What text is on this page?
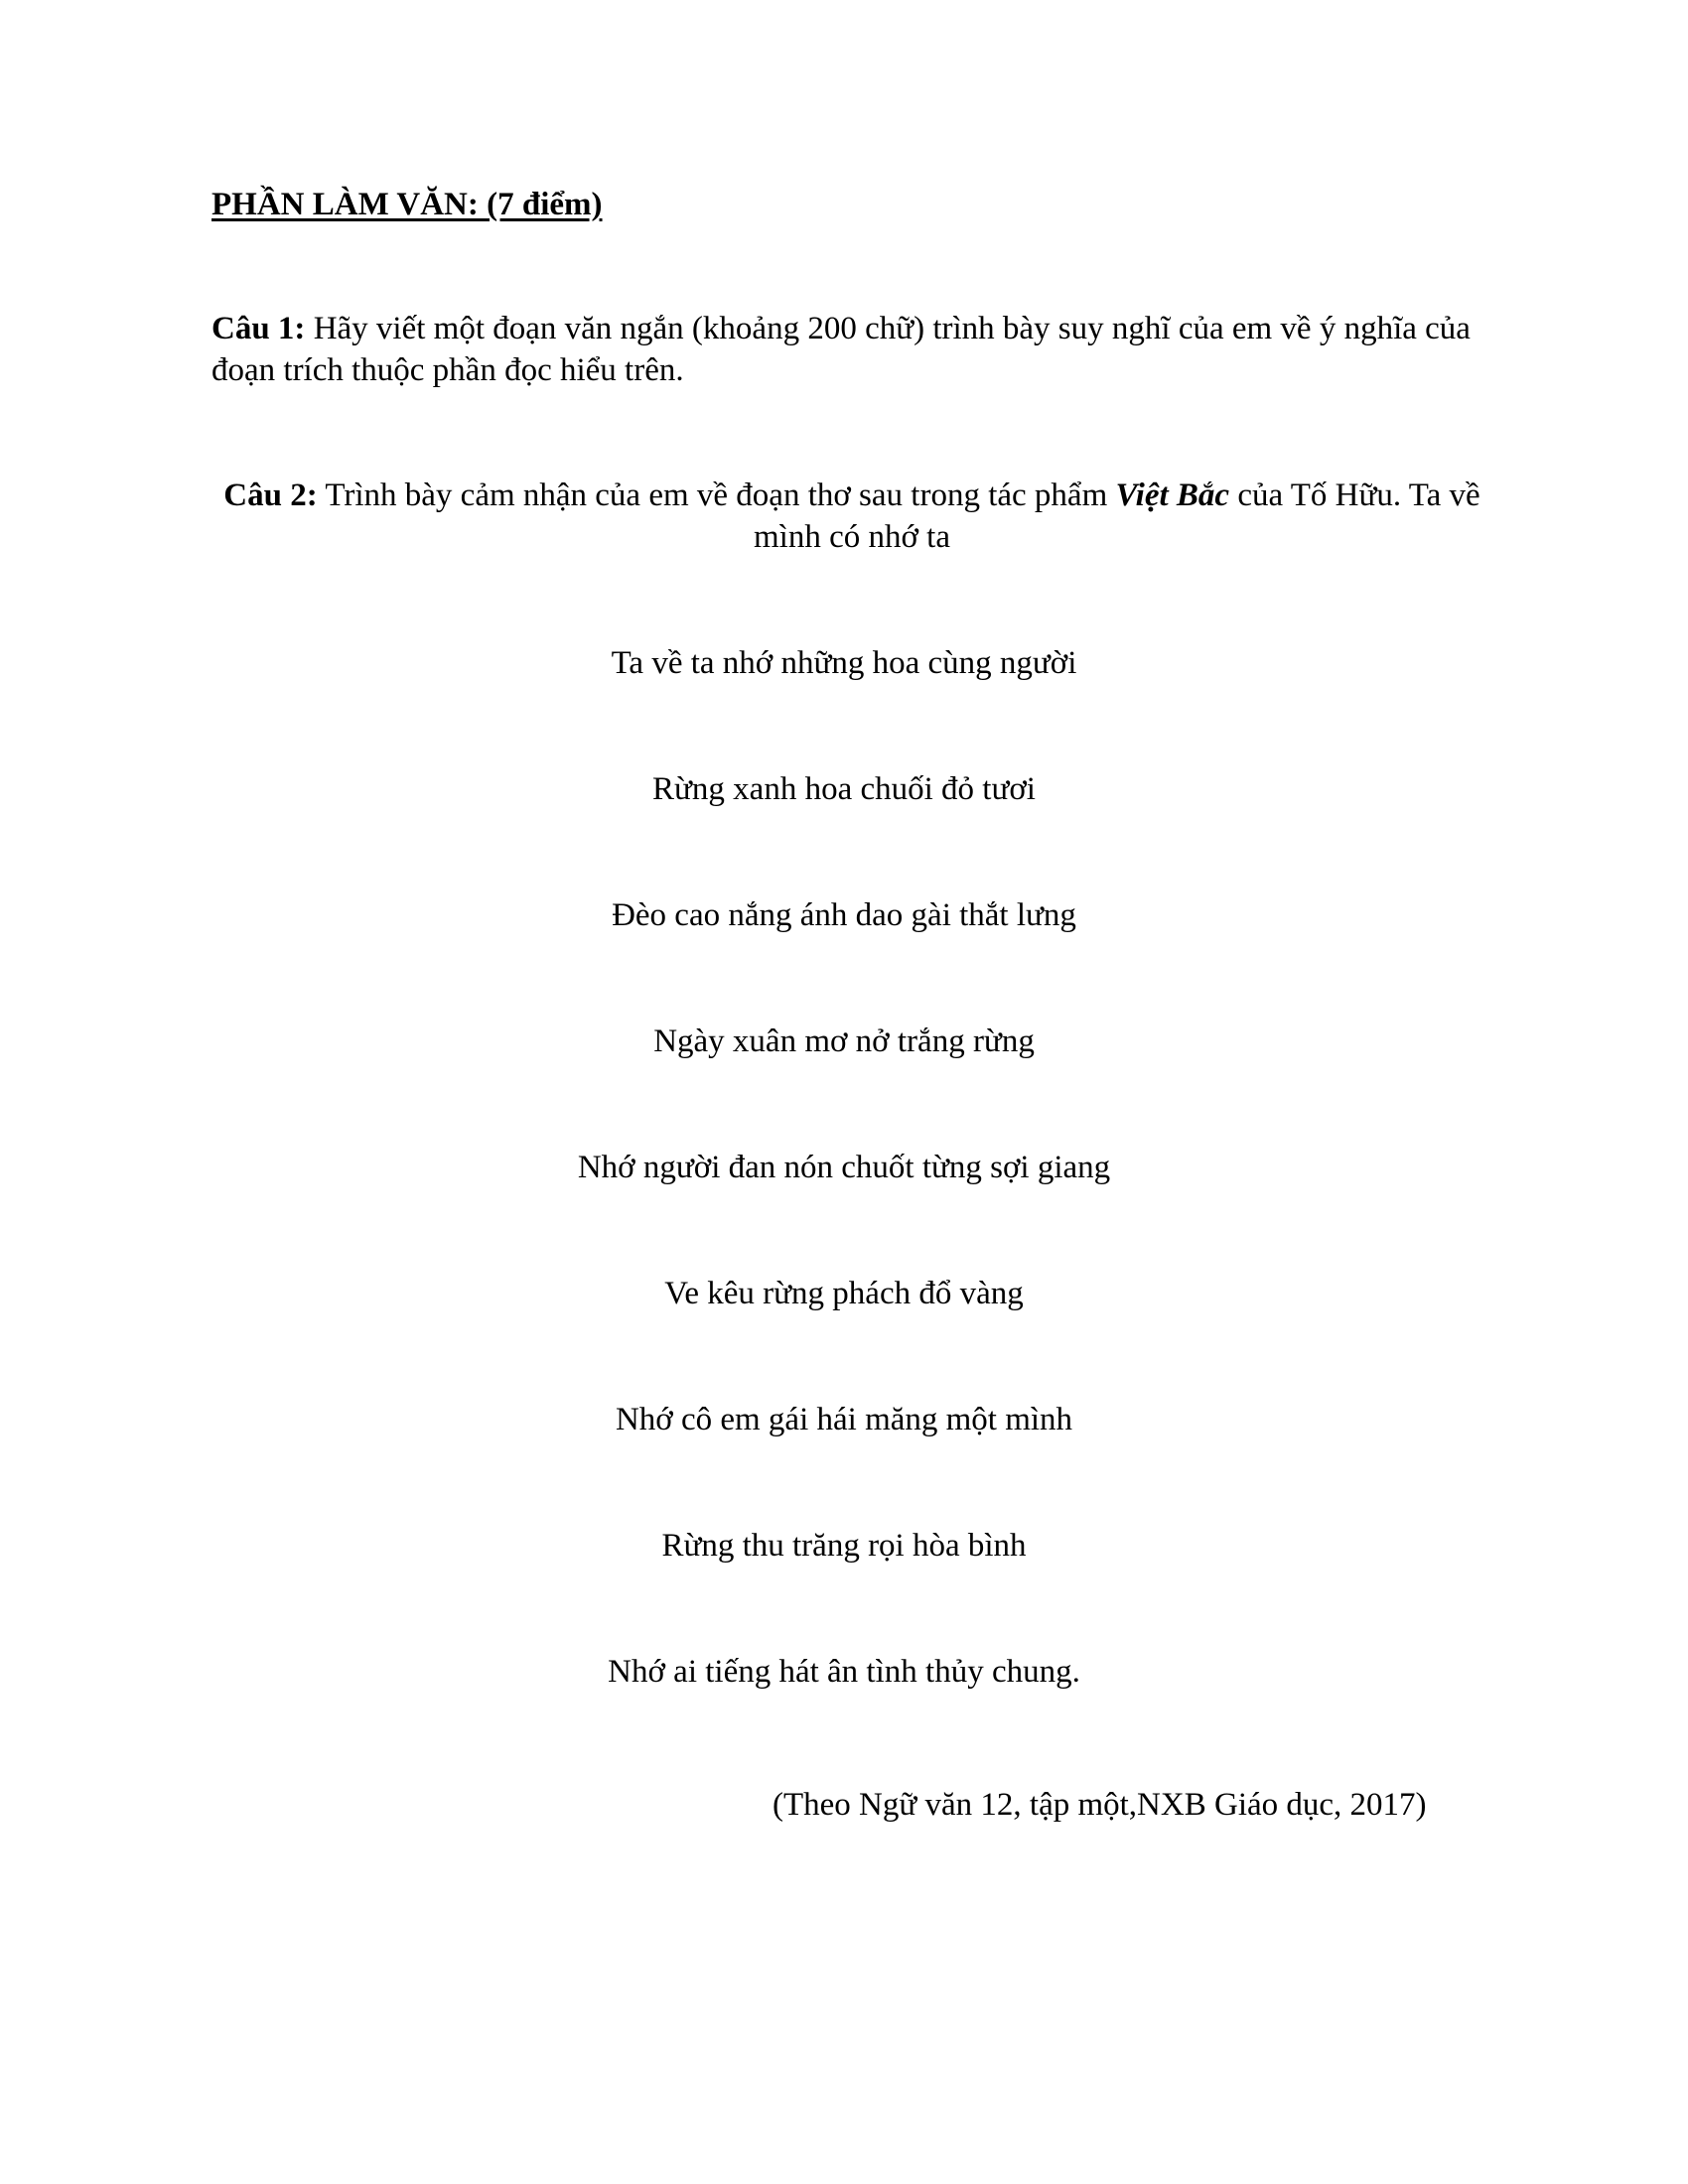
PHẦN LÀM VĂN: (7 điểm)

Câu 1: Hãy viết một đoạn văn ngắn (khoảng 200 chữ) trình bày suy nghĩ của em về ý nghĩa của đoạn trích thuộc phần đọc hiểu trên.

Câu 2: Trình bày cảm nhận của em về đoạn thơ sau trong tác phẩm Việt Bắc của Tố Hữu. Ta về mình có nhớ ta

Ta về ta nhớ những hoa cùng người

Rừng xanh hoa chuối đỏ tươi

Đèo cao nắng ánh dao gài thắt lưng

Ngày xuân mơ nở trắng rừng

Nhớ người đan nón chuốt từng sợi giang

Ve kêu rừng phách đổ vàng

Nhớ cô em gái hái măng một mình

Rừng thu trăng rọi hòa bình

Nhớ ai tiếng hát ân tình thủy chung.

(Theo Ngữ văn 12, tập một,NXB Giáo dục, 2017)
